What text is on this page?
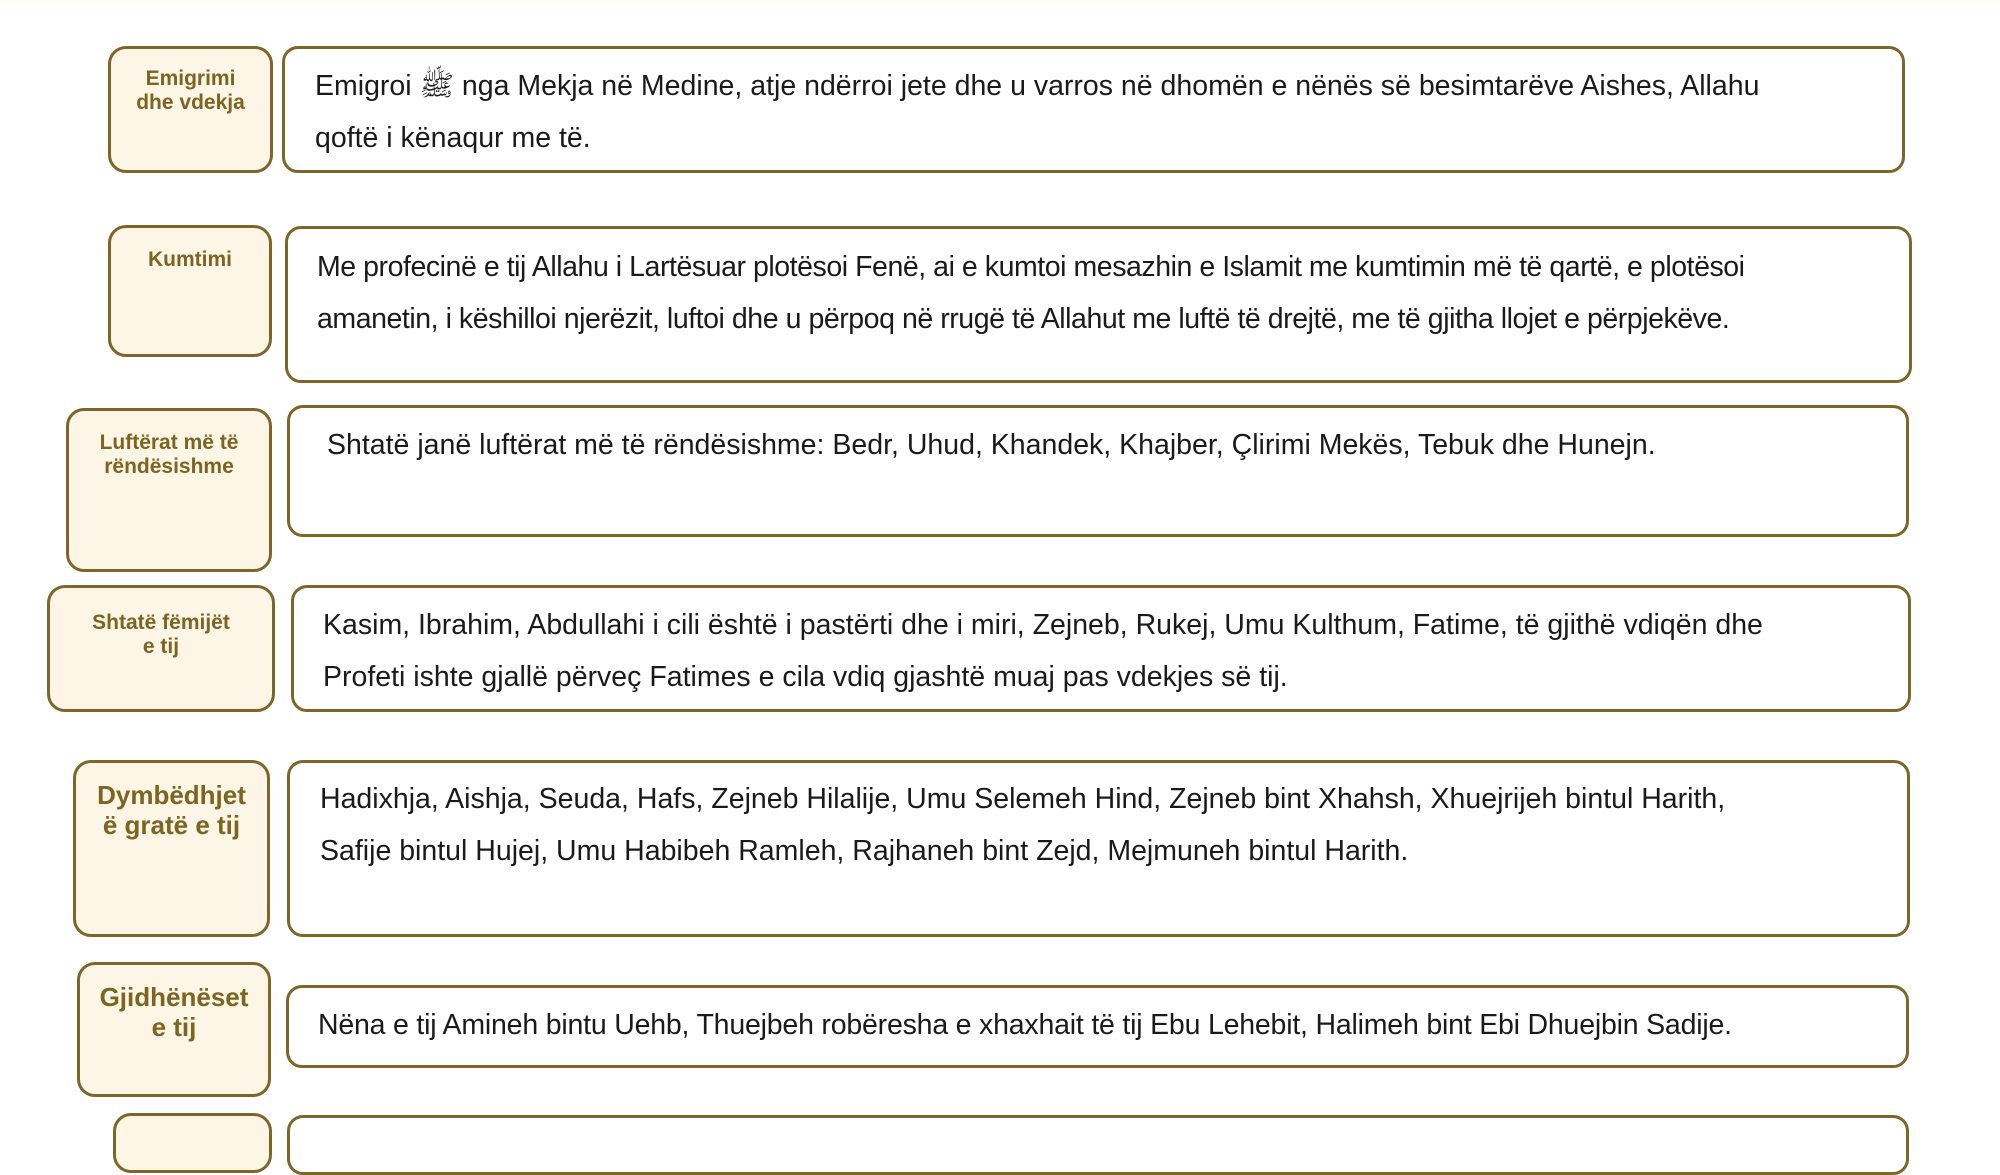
Emigrimi
dhe vdekja

Emigroi ﷺ nga Mekja në Medine, atje ndërroi jete dhe u varros në dhomën e nënës së besimtarëve Aishes, Allahu

qoftë i kënaqur me të.

Kumtimi	Me profecinë e tij Allahu i Lartësuar plotësoi Fenë, ai e kumtoi mesazhin e Islamit me kumtimin më të qartë, e plotësoi

amanetin, i këshilloi njerëzit, luftoi dhe u përpoq në rrugë të Allahut me luftë të drejtë, me të gjitha llojet e përpjekëve.

Luftërat më të
rëndësishme

Shtatë janë luftërat më të rëndësishme: Bedr, Uhud, Khandek, Khajber, Çlirimi Mekës, Tebuk dhe Hunejn.

Shtatë fëmijët
e tij

Kasim, Ibrahim, Abdullahi i cili është i pastërti dhe i miri, Zejneb, Rukej, Umu Kulthum, Fatime, të gjithë vdiqën dhe

Profeti ishte gjallë përveç Fatimes e cila vdiq gjashtë muaj pas vdekjes së tij.

Dymbëdhjet
ë gratë e tij

Hadixhja, Aishja, Seuda, Hafs, Zejneb Hilalije, Umu Selemeh Hind, Zejneb bint Xhahsh, Xhuejrijeh bintul Harith,

Safije bintul Hujej, Umu Habibeh Ramleh, Rajhaneh bint Zejd, Mejmuneh bintul Harith.

Gjidhënëset
e tij	Nëna e tij Amineh bintu Uehb, Thuejbeh robëresha e xhaxhait të tij Ebu Lehebit, Halimeh bint Ebi Dhuejbin Sadije.
